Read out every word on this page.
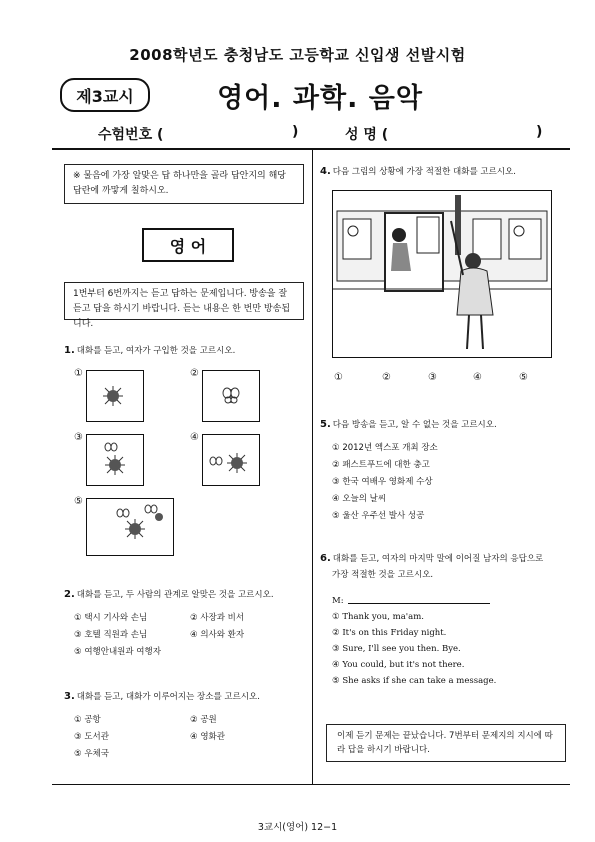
2008학년도 충청남도 고등학교 신입생 선발시험
제3교시	영어. 과학. 음악
수험번호 (	)	성 명 (	)
※ 물음에 가장 알맞은 답 하나만을 골라 답안지의 해당 답란에 까맣게 칠하시오.
영 어
1번부터 6번까지는 듣고 답하는 문제입니다. 방송을 잘 듣고 답을 하시기 바랍니다. 듣는 내용은 한 번만 방송됩니다.
1. 대화를 듣고, 여자가 구입한 것을 고르시오.
①	②
③	④
⑤
2. 대화를 듣고, 두 사람의 관계로 알맞은 것을 고르시오.
① 택시 기사와 손님	② 사장과 비서
③ 호텔 직원과 손님	④ 의사와 환자
⑤ 여행안내원과 여행자
3. 대화를 듣고, 대화가 이루어지는 장소를 고르시오.
① 공항	② 공원
③ 도서관	④ 영화관
⑤ 우체국
4. 다음 그림의 상황에 가장 적절한 대화를 고르시오.
①	②	③	④	⑤
5. 다음 방송을 듣고, 알 수 없는 것을 고르시오.
① 2012년 엑스포 개최 장소
② 패스트푸드에 대한 충고
③ 한국 여배우 영화제 수상
④ 오늘의 날씨
⑤ 울산 우주선 발사 성공
6. 대화를 듣고, 여자의 마지막 말에 이어질 남자의 응답으로
가장 적절한 것을 고르시오.
M:
① Thank you, ma'am.
② It's on this Friday night.
③ Sure, I'll see you then. Bye.
④ You could, but it's not there.
⑤ She asks if she can take a message.
이제 듣기 문제는 끝났습니다. 7번부터 문제지의 지시에 따라 답을 하시기 바랍니다.
3교시(영어) 12−1
